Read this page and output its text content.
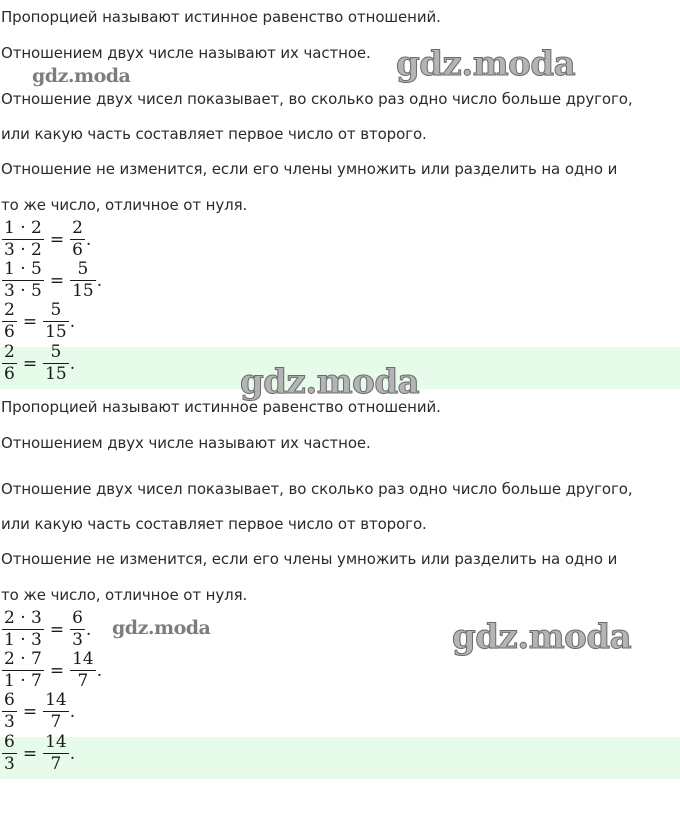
Пропорцией называют истинное равенство отношений.
Отношением двух числе называют их частное.
Отношение двух чисел показывает, во сколько раз одно число больше другого,
или какую часть составляет первое число от второго.
Отношение не изменится, если его члены умножить или разделить на одно и
то же число, отличное от нуля.
$\frac{1 \cdot 2}{3 \cdot 2} = \frac{2}{6}$ .
$\frac{1 \cdot 5}{3 \cdot 5} = \frac{5}{15}$ .
$\frac{2}{6} = \frac{5}{15}$ .
$\frac{2}{6} = \frac{5}{15}$ .
Пропорцией называют истинное равенство отношений.
Отношением двух числе называют их частное.
Отношение двух чисел показывает, во сколько раз одно число больше другого,
или какую часть составляет первое число от второго.
Отношение не изменится, если его члены умножить или разделить на одно и
то же число, отличное от нуля.
$\frac{2 \cdot 3}{1 \cdot 3} = \frac{6}{3}$ .
$\frac{2 \cdot 7}{1 \cdot 7} = \frac{14}{7}$ .
$\frac{6}{3} = \frac{14}{7}$ .
$\frac{6}{3} = \frac{14}{7}$ .
gdz.moda	gdz.moda
gdz.moda
gdz.moda	gdz.moda
